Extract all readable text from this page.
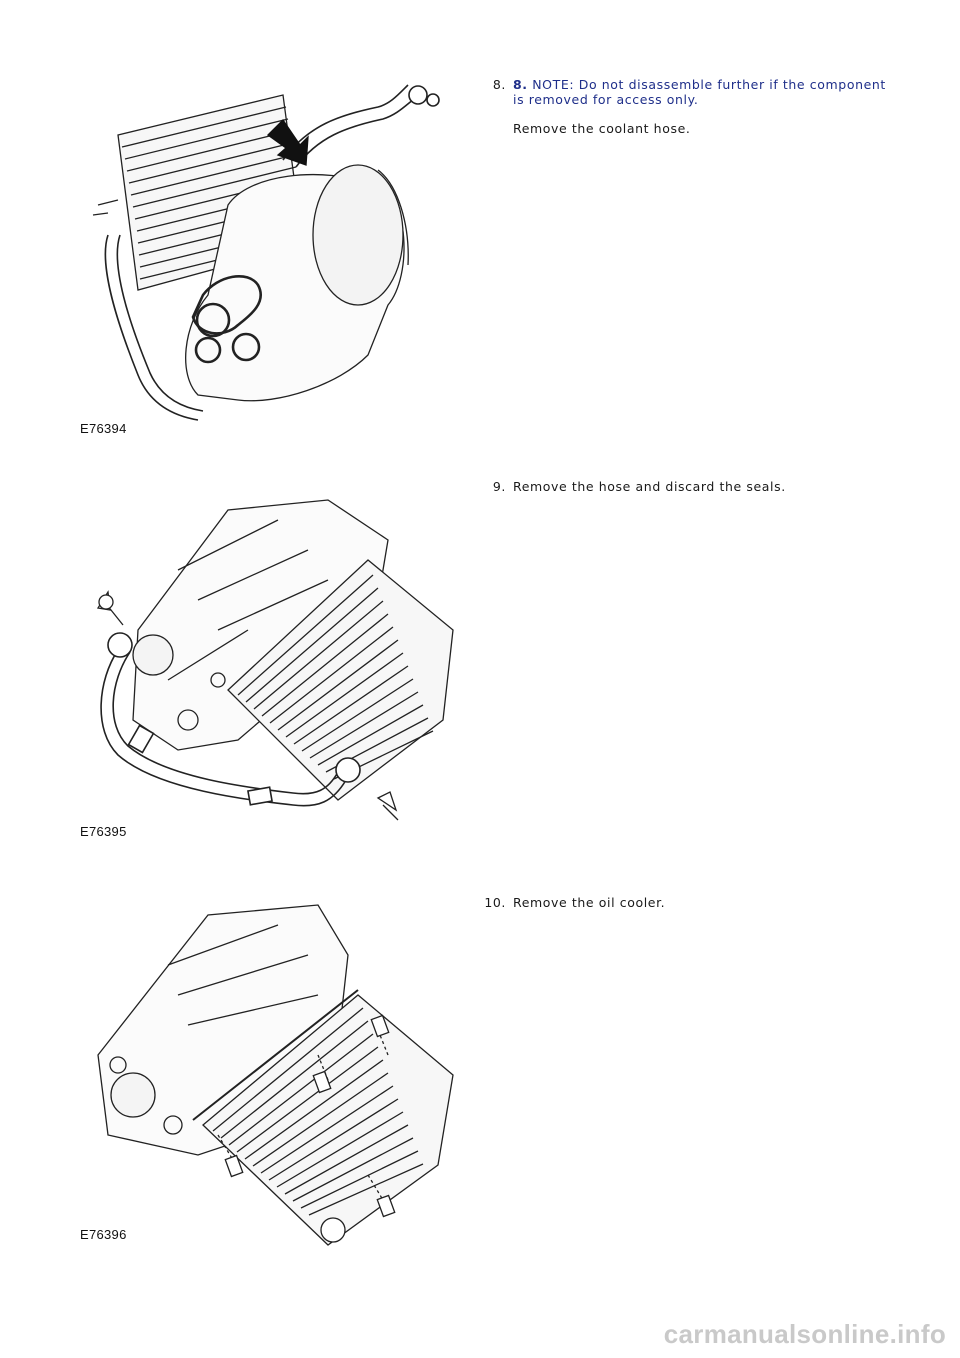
E76394
8. 8. NOTE: Do not disassemble further if the component is removed for access only.

Remove the coolant hose.

E76395
9. Remove the hose and discard the seals.

E76396
10. Remove the oil cooler.

carmanualsonline.info
